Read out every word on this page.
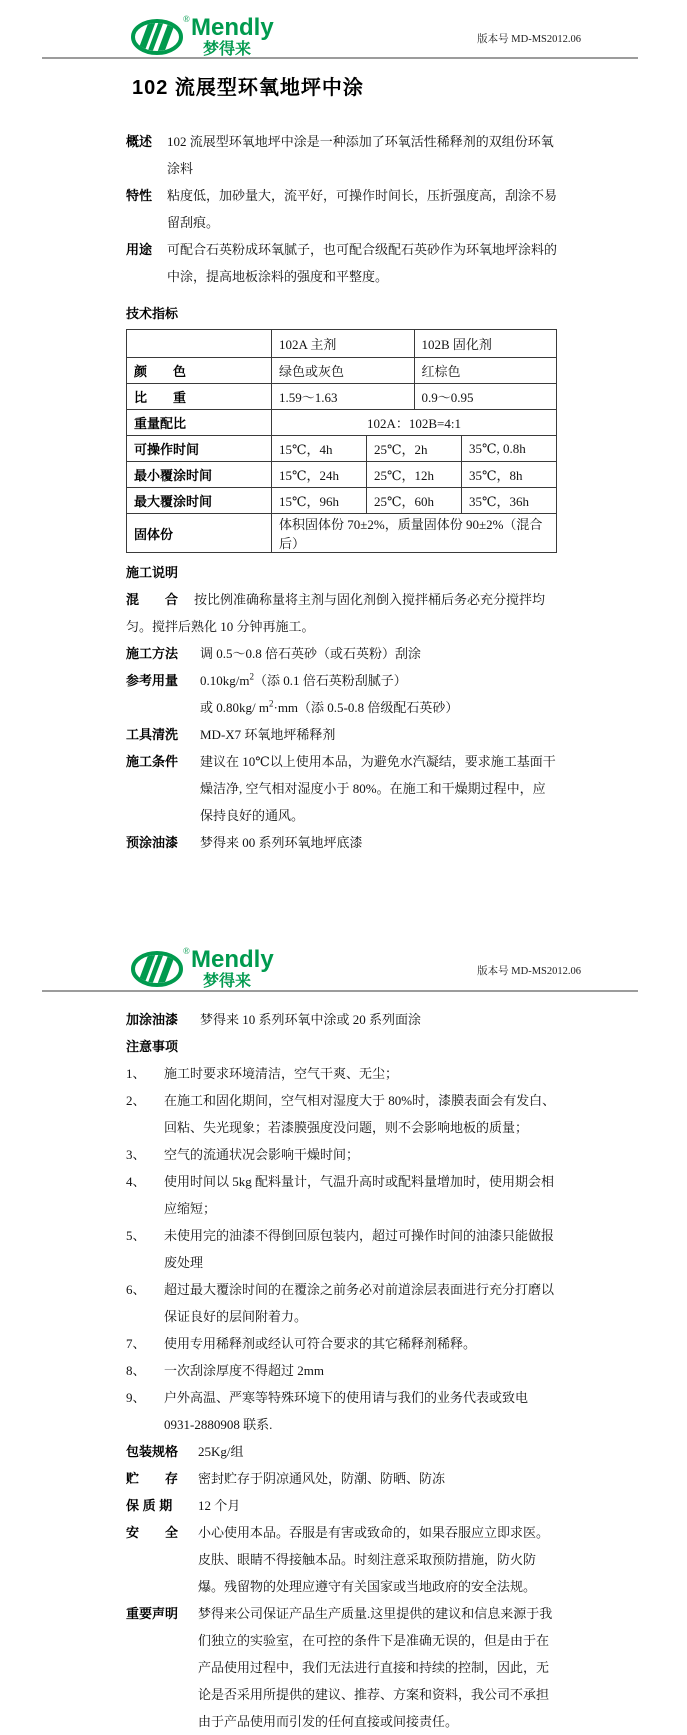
® Mendly
梦得来
版本号 MD-MS2012.06
102 流展型环氧地坪中涂
概述	102 流展型环氧地坪中涂是一种添加了环氧活性稀释剂的双组份环氧涂料
特性	粘度低，加砂量大，流平好，可操作时间长，压折强度高，刮涂不易留刮痕。
用途	可配合石英粉成环氧腻子，也可配合级配石英砂作为环氧地坪涂料的中涂，提高地板涂料的强度和平整度。
技术指标
	102A 主剂		102B 固化剂	
颜　　色	绿色或灰色		红棕色	
比　　重	1.59～1.63		0.9～0.95	
重量配比	102A：102B=4:1			
可操作时间	15℃，4h	25℃，2h		35℃, 0.8h
最小覆涂时间	15℃，24h	25℃，12h		35℃，8h
最大覆涂时间	15℃，96h	25℃，60h		35℃，36h
固体份	体积固体份 70±2%，质量固体份 90±2%（混合后）			
施工说明

混　　合 按比例准确称量将主剂与固化剂倒入搅拌桶后务必充分搅拌均匀。搅拌后熟化 10 分钟再施工。

施工方法	调 0.5～0.8 倍石英砂（或石英粉）刮涂
参考用量	$0.10kg/m^2$（添 0.1 倍石英粉刮腻子）
或 0.80kg/ $m^2\cdot mm$（添 0.5-0.8 倍级配石英砂）
工具清洗	MD-X7 环氧地坪稀释剂
施工条件	建议在 10℃以上使用本品，为避免水汽凝结，要求施工基面干燥洁净, 空气相对湿度小于 80%。在施工和干燥期过程中，应保持良好的通风。
预涂油漆	梦得来 00 系列环氧地坪底漆
® Mendly
梦得来
版本号 MD-MS2012.06
加涂油漆	梦得来 10 系列环氧中涂或 20 系列面涂
注意事项
1、	施工时要求环境清洁，空气干爽、无尘；
2、	在施工和固化期间，空气相对湿度大于 80%时，漆膜表面会有发白、回粘、失光现象；若漆膜强度没问题，则不会影响地板的质量；
3、	空气的流通状况会影响干燥时间；
4、	使用时间以 5kg 配料量计，气温升高时或配料量增加时，使用期会相应缩短；
5、	未使用完的油漆不得倒回原包装内，超过可操作时间的油漆只能做报废处理
6、	超过最大覆涂时间的在覆涂之前务必对前道涂层表面进行充分打磨以保证良好的层间附着力。
7、	使用专用稀释剂或经认可符合要求的其它稀释剂稀释。
8、	一次刮涂厚度不得超过 2mm
9、	户外高温、严寒等特殊环境下的使用请与我们的业务代表或致电 0931-2880908 联系.
包装规格	25Kg/组
贮　　存	密封贮存于阴凉通风处，防潮、防晒、防冻
保 质 期	12 个月
安　　全	小心使用本品。吞服是有害或致命的，如果吞服应立即求医。皮肤、眼睛不得接触本品。时刻注意采取预防措施，防火防爆。残留物的处理应遵守有关国家或当地政府的安全法规。
重要声明	梦得来公司保证产品生产质量.这里提供的建议和信息来源于我们独立的实验室，在可控的条件下是准确无误的，但是由于在产品使用过程中，我们无法进行直接和持续的控制，因此，无论是否采用所提供的建议、推荐、方案和资料，我公司不承担由于产品使用而引发的任何直接或间接责任。
